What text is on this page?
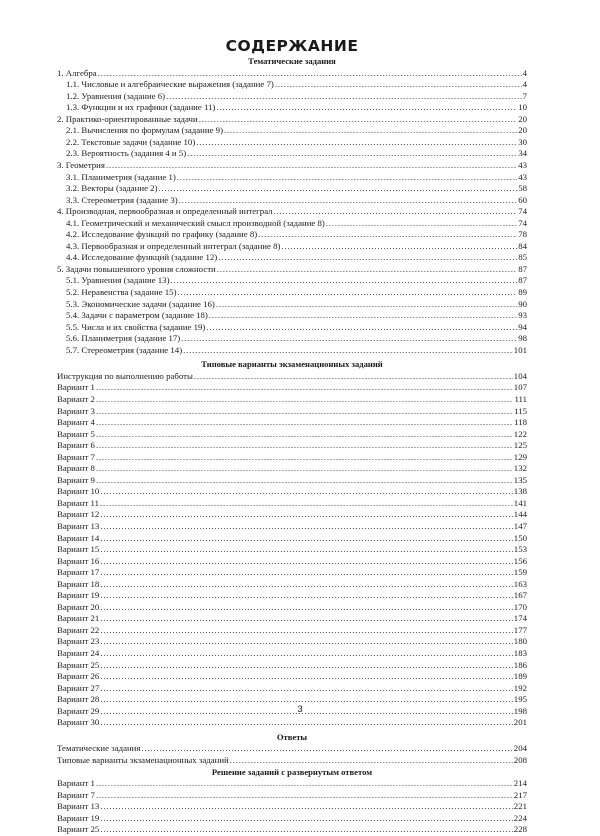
СОДЕРЖАНИЕ
Тематические задания
1. Алгебра .....	4
1.1. Числовые и алгебраические выражения (задание 7) .....	4
1.2. Уравнения (задание 6) .....	7
1.3. Функции и их графики (задание 11) .....	10
2. Практико-ориентированные задачи .....	20
2.1. Вычисления по формулам (задание 9) .....	20
2.2. Текстовые задачи (задание 10) .....	30
2.3. Вероятность (задания 4 и 5) .....	34
3. Геометрия .....	43
3.1. Планиметрия (задание 1) .....	43
3.2. Векторы (задание 2) .....	58
3.3. Стереометрия (задание 3) .....	60
4. Производная, первообразная и определенный интеграл .....	74
4.1. Геометрический и механический смысл производной (задание 8) .....	74
4.2. Исследование функций по графику (задание 8) .....	78
4.3. Первообразная и определенный интеграл (задание 8) .....	84
4.4. Исследование функций (задание 12) .....	85
5. Задачи повышенного уровня сложности .....	87
5.1. Уравнения (задание 13) .....	87
5.2. Неравенства (задание 15) .....	89
5.3. Экономические задачи (задание 16) .....	90
5.4. Задачи с параметром (задание 18) .....	93
5.5. Числа и их свойства (задание 19) .....	94
5.6. Планиметрия (задание 17) .....	98
5.7. Стереометрия (задание 14) .....	101
Типовые варианты экзаменационных заданий
Инструкция по выполнению работы .....	104
Вариант 1 .....	107
Вариант 2 .....	111
Вариант 3 .....	115
Вариант 4 .....	118
Вариант 5 .....	122
Вариант 6 .....	125
Вариант 7 .....	129
Вариант 8 .....	132
Вариант 9 .....	135
Вариант 10 .....	138
Вариант 11 .....	141
Вариант 12 .....	144
Вариант 13 .....	147
Вариант 14 .....	150
Вариант 15 .....	153
Вариант 16 .....	156
Вариант 17 .....	159
Вариант 18 .....	163
Вариант 19 .....	167
Вариант 20 .....	170
Вариант 21 .....	174
Вариант 22 .....	177
Вариант 23 .....	180
Вариант 24 .....	183
Вариант 25 .....	186
Вариант 26 .....	189
Вариант 27 .....	192
Вариант 28 .....	195
Вариант 29 .....	198
Вариант 30 .....	201
Ответы
Тематические задания .....	204
Типовые варианты экзаменационных заданий .....	208
Решение заданий с развернутым ответом
Вариант 1 .....	214
Вариант 7 .....	217
Вариант 13 .....	221
Вариант 19 .....	224
Вариант 25 .....	228
3
